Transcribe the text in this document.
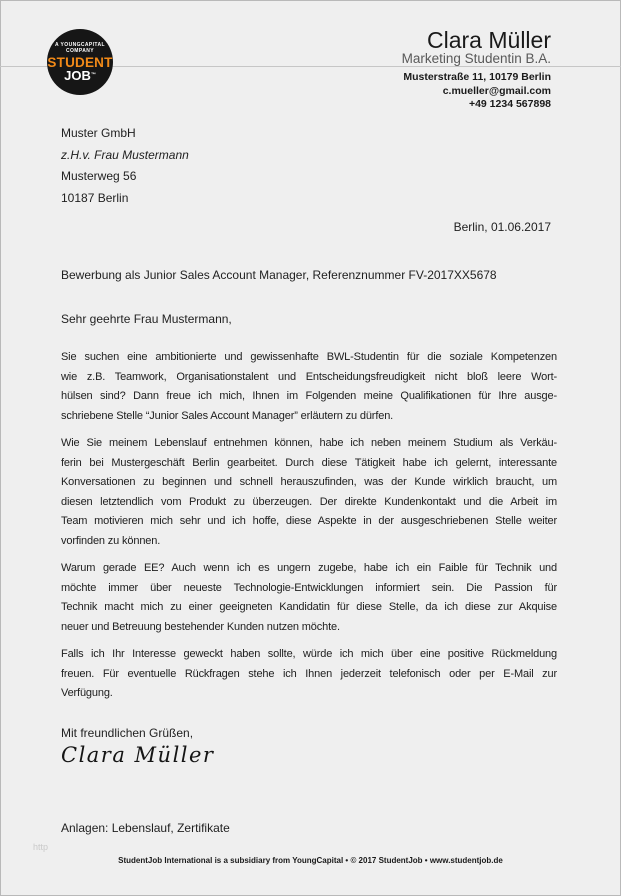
A YOUNGCAPITAL
COMPANY
STUDENT
JOB™
Clara Müller
Marketing Studentin B.A.
Musterstraße 11, 10179 Berlin
c.mueller@gmail.com
+49 1234 567898
Muster GmbH
z.H.v. Frau Mustermann
Musterweg 56
10187 Berlin
Berlin, 01.06.2017
Bewerbung als Junior Sales Account Manager, Referenznummer FV-2017XX5678
Sehr geehrte Frau Mustermann,
Sie suchen eine ambitionierte und gewissenhafte BWL-Studentin für die soziale Kompetenzen
wie z.B. Teamwork, Organisationstalent und Entscheidungsfreudigkeit nicht bloß leere Wort-
hülsen sind? Dann freue ich mich, Ihnen im Folgenden meine Qualifikationen für Ihre ausge-
schriebene Stelle “Junior Sales Account Manager” erläutern zu dürfen.
Wie Sie meinem Lebenslauf entnehmen können, habe ich neben meinem Studium als Verkäu-
ferin bei Mustergeschäft Berlin gearbeitet. Durch diese Tätigkeit habe ich gelernt, interessante
Konversationen zu beginnen und schnell herauszufinden, was der Kunde wirklich braucht, um
diesen letztendlich vom Produkt zu überzeugen. Der direkte Kundenkontakt und die Arbeit im
Team motivieren mich sehr und ich hoffe, diese Aspekte in der ausgeschriebenen Stelle weiter
vorfinden zu können.
Warum gerade EE? Auch wenn ich es ungern zugebe, habe ich ein Faible für Technik und
möchte immer über neueste Technologie-Entwicklungen informiert sein. Die Passion für
Technik macht mich zu einer geeigneten Kandidatin für diese Stelle, da ich diese zur Akquise
neuer und Betreuung bestehender Kunden nutzen möchte.
Falls ich Ihr Interesse geweckt haben sollte, würde ich mich über eine positive Rückmeldung
freuen. Für eventuelle Rückfragen stehe ich Ihnen jederzeit telefonisch oder per E-Mail zur
Verfügung.
Mit freundlichen Grüßen,
Clara Müller
Anlagen: Lebenslauf, Zertifikate
http
StudentJob International is a subsidiary from YoungCapital • © 2017 StudentJob • www.studentjob.de
